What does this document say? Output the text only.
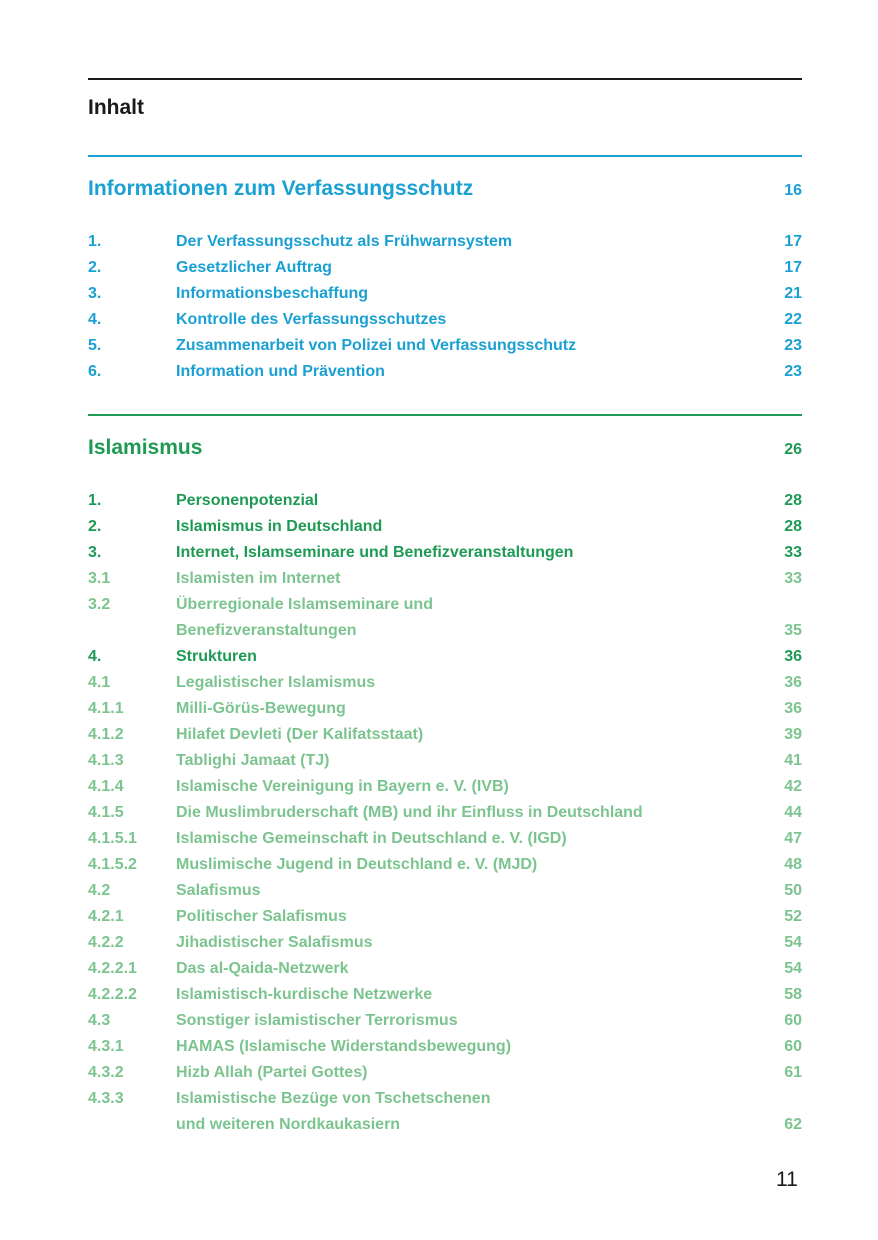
Inhalt
Informationen zum Verfassungsschutz	16
1.	Der Verfassungsschutz als Frühwarnsystem	17
2.	Gesetzlicher Auftrag	17
3.	Informationsbeschaffung	21
4.	Kontrolle des Verfassungsschutzes	22
5.	Zusammenarbeit von Polizei und Verfassungsschutz	23
6.	Information und Prävention	23
Islamismus	26
1.	Personenpotenzial	28
2.	Islamismus in Deutschland	28
3.	Internet, Islamseminare und Benefizveranstaltungen	33
3.1	Islamisten im Internet	33
3.2	Überregionale Islamseminare und
Benefizveranstaltungen	35
4.	Strukturen	36
4.1	Legalistischer Islamismus	36
4.1.1	Milli-Görüs-Bewegung	36
4.1.2	Hilafet Devleti (Der Kalifatsstaat)	39
4.1.3	Tablighi Jamaat (TJ)	41
4.1.4	Islamische Vereinigung in Bayern e. V. (IVB)	42
4.1.5	Die Muslimbruderschaft (MB) und ihr Einfluss in Deutschland	44
4.1.5.1 Islamische Gemeinschaft in Deutschland e. V. (IGD)	47
4.1.5.2 Muslimische Jugend in Deutschland e. V. (MJD)	48
4.2	Salafismus	50
4.2.1	Politischer Salafismus	52
4.2.2	Jihadistischer Salafismus	54
4.2.2.1 Das al-Qaida-Netzwerk	54
4.2.2.2 Islamistisch-kurdische Netzwerke	58
4.3	Sonstiger islamistischer Terrorismus	60
4.3.1	HAMAS (Islamische Widerstandsbewegung)	60
4.3.2	Hizb Allah (Partei Gottes)	61
4.3.3	Islamistische Bezüge von Tschetschenen
und weiteren Nordkaukasiern	62
11
